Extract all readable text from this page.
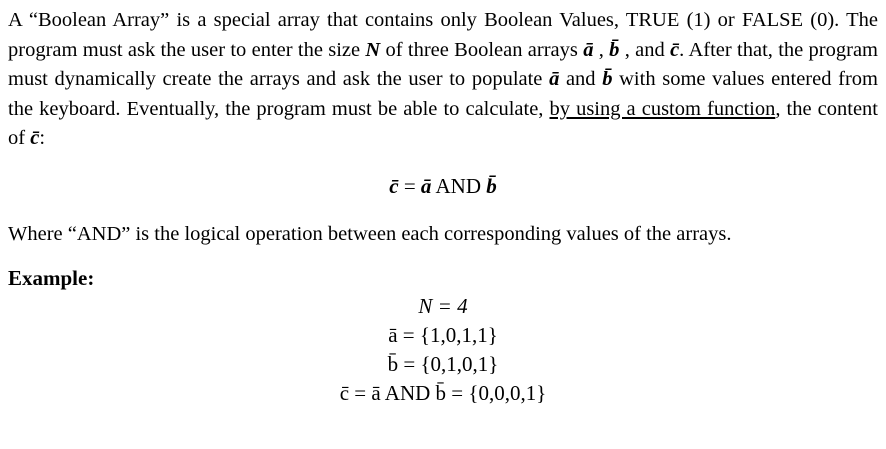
A “Boolean Array” is a special array that contains only Boolean Values, TRUE (1) or FALSE (0). The program must ask the user to enter the size N of three Boolean arrays ā , b̄ , and c̄. After that, the program must dynamically create the arrays and ask the user to populate ā and b̄ with some values entered from the keyboard. Eventually, the program must be able to calculate, by using a custom function, the content of c̄:

c̄ = ā AND b̄
Where “AND” is the logical operation between each corresponding values of the arrays.
Example:
N = 4
ā = {1,0,1,1}
b̄ = {0,1,0,1}
c̄ = ā AND b̄ = {0,0,0,1}
